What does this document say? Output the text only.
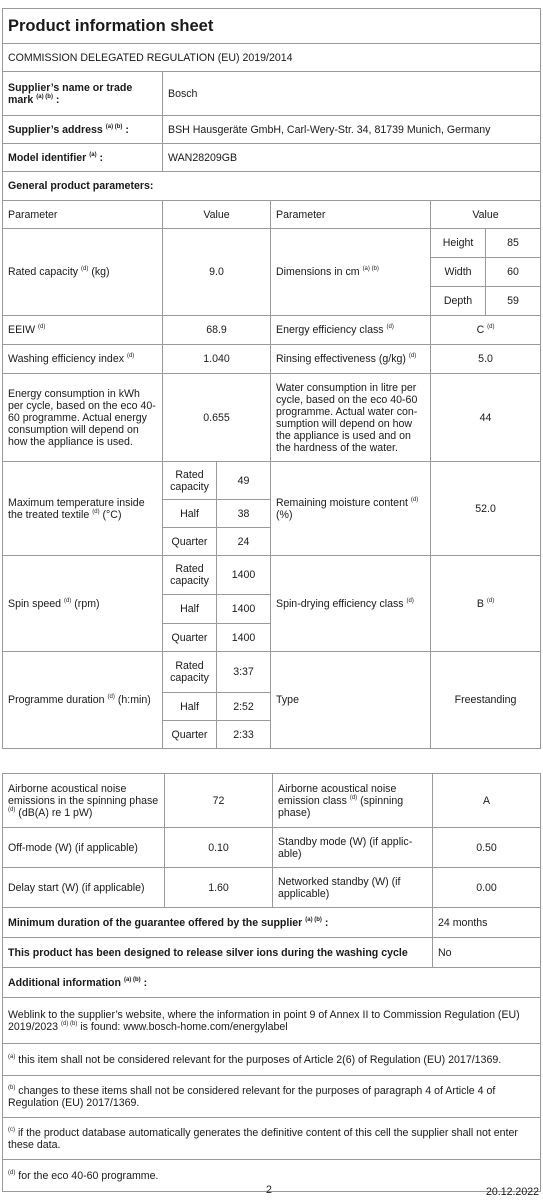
Product information sheet					
COMMISSION DELEGATED REGULATION (EU) 2019/2014					
Supplier’s name or trade mark $^{(a) (b)}$ :	Bosch				
Supplier’s address $^{(a) (b)}$ :	BSH Hausgeräte GmbH, Carl-Wery-Str. 34, 81739 Munich, Germany				
Model identifier $^{(a)}$ :	WAN28209GB				
General product parameters:					
Parameter	Value		Parameter	Value	
Rated capacity $^{(d)}$ (kg)	9.0		Dimensions in cm $^{(a) (b)}$	Height	85
				Width	60
				Depth	59
EEIW $^{(d)}$	68.9		Energy efficiency class $^{(d)}$	C $^{(d)}$
Washing efficiency index $^{(d)}$	1.040		Rinsing effectiveness (g/kg) $^{(d)}$	5.0	
Energy consumption in kWh per cycle, based on the eco 40-60 programme. Actual energy consumption will depend on how the appliance is used.	0.655		Water consumption in litre per cycle, based on the eco 40-60 programme. Actual water con-sumption will depend on how the appliance is used and on the hardness of the water.	44	
Maximum temperature inside the treated textile $^{(d)}$ (°C)	Rated capacity	49	Remaining moisture content $^{(d)}$ (%)	52.0	
	Half	38			
	Quarter	24			
Spin speed $^{(d)}$ (rpm)	Rated capacity	1400	Spin-drying efficiency class $^{(d)}$	B $^{(d)}$
	Half	1400			
	Quarter	1400			
Programme duration $^{(d)}$ (h:min)	Rated capacity	3:37	Type	Freestanding	
	Half	2:52			
	Quarter	2:33			
Airborne acoustical noise emissions in the spinning phase $^{(d)}$ (dB(A) re 1 pW)	72	Airborne acoustical noise emission class $^{(d)}$ (spinning phase)	A
Off-mode (W) (if applicable)	0.10	Standby mode (W) (if applic-able)	0.50
Delay start (W) (if applicable)	1.60	Networked standby (W) (if applicable)	0.00
Minimum duration of the guarantee offered by the supplier $^{(a) (b)}$ :			24 months
This product has been designed to release silver ions during the washing cycle			No
Additional information $^{(a) (b)}$ :			
Weblink to the supplier’s website, where the information in point 9 of Annex II to Commission Regulation (EU) 2019/2023 $^{(d) (b)}$ is found: www.bosch-home.com/energylabel			
$^{(a)}$ this item shall not be considered relevant for the purposes of Article 2(6) of Regulation (EU) 2017/1369.			
$^{(b)}$ changes to these items shall not be considered relevant for the purposes of paragraph 4 of Article 4 of Regulation (EU) 2017/1369.			
$^{(c)}$ if the product database automatically generates the definitive content of this cell the supplier shall not enter these data.			
$^{(d)}$ for the eco 40-60 programme.			
2	20.12.2022
